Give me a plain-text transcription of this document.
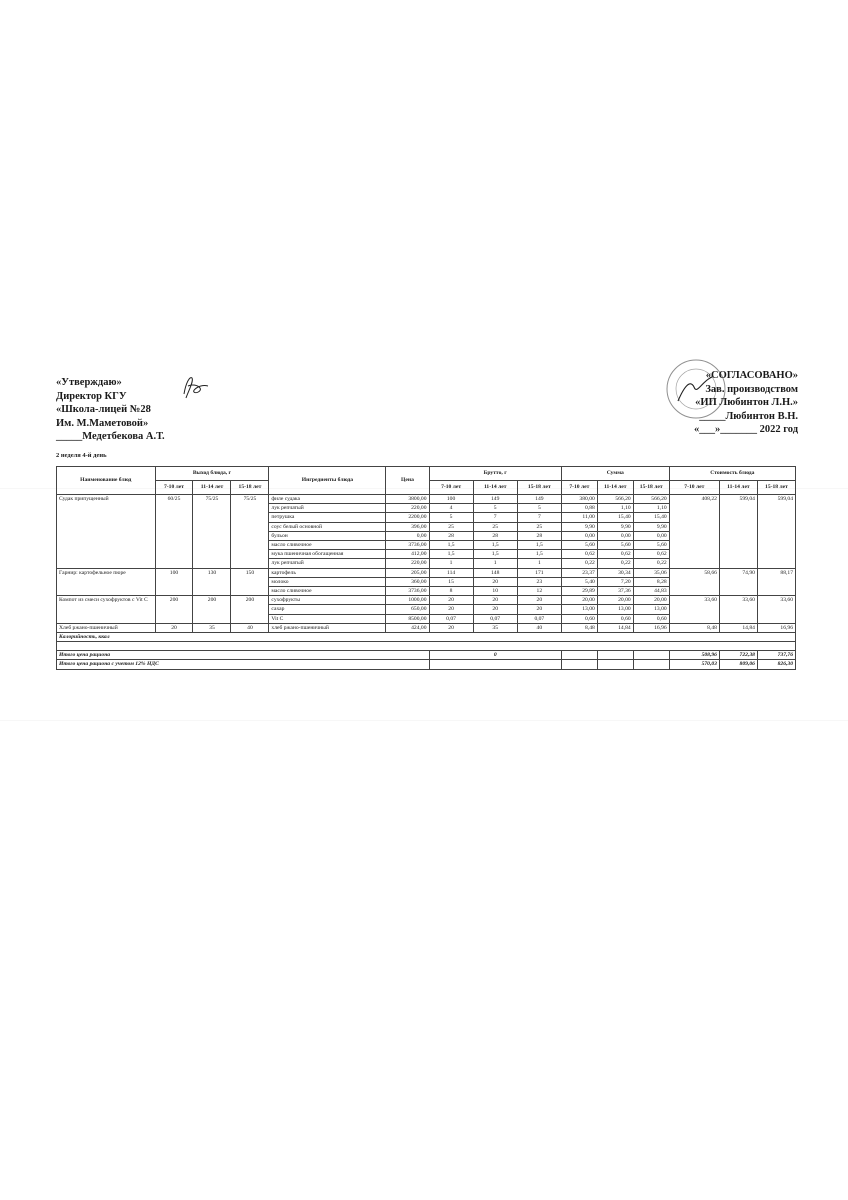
«Утверждаю»
Директор КГУ
«Школа-лицей №28
Им. М.Маметовой»
_____Медетбекова А.Т.
«СОГЛАСОВАНО»
Зав. производством
«ИП Любинтон Л.Н.»
_____Любинтон В.Н.
«___»_______ 2022 год
2 неделя 4-й день
Наименование блюд	Выход блюда, г			Ингредиенты блюда	Цена	Брутто, г			Сумма			Стоимость блюда		
	7-10 лет	11-14 лет	15-18 лет			7-10 лет	11-14 лет	15-18 лет	7-10 лет	11-14 лет	15-18 лет	7-10 лет	11-14 лет	15-18 лет
Судак припущенный	60/25	75/25	75/25	филе судака	3800,00	100	149	149	380,00	566,20	566,20	408,22	599,04	599,04
				лук репчатый	220,00	4	5	5	0,88	1,10	1,10			
				петрушка	2200,00	5	7	7	11,00	15,40	15,40			
				соус белый основной	396,00	25	25	25	9,90	9,90	9,90			
				бульон	0,00	28	28	28	0,00	0,00	0,00			
				масло сливочное	3736,00	1,5	1,5	1,5	5,60	5,60	5,60			
				мука пшеничная обогащенная	412,00	1,5	1,5	1,5	0,62	0,62	0,62			
				лук репчатый	220,00	1	1	1	0,22	0,22	0,22			
Гарнир: картофельное пюре	100	130	150	картофель	205,00	114	148	171	23,37	30,34	35,06	58,66	74,90	88,17
				молоко	360,00	15	20	23	5,40	7,20	8,28			
				масло сливочное	3736,00	8	10	12	29,89	37,36	44,83			
Компот из смеси сухофруктов с Vit C	200	200	200	сухофрукты	1000,00	20	20	20	20,00	20,00	20,00	33,60	33,60	33,60
				сахар	650,00	20	20	20	13,00	13,00	13,00			
				Vit C	8500,00	0,07	0,07	0,07	0,60	0,60	0,60			
Хлеб ржано-пшеничный	20	35	40	хлеб ржано-пшеничный	424,00	20	35	40	8,48	14,84	16,96	8,48	14,84	16,96
Калорийность, ккал														

Итого цена рациона						0						508,96	722,38	737,76
Итого цена рациона с учетом 12% НДС												570,03	809,06	826,30
